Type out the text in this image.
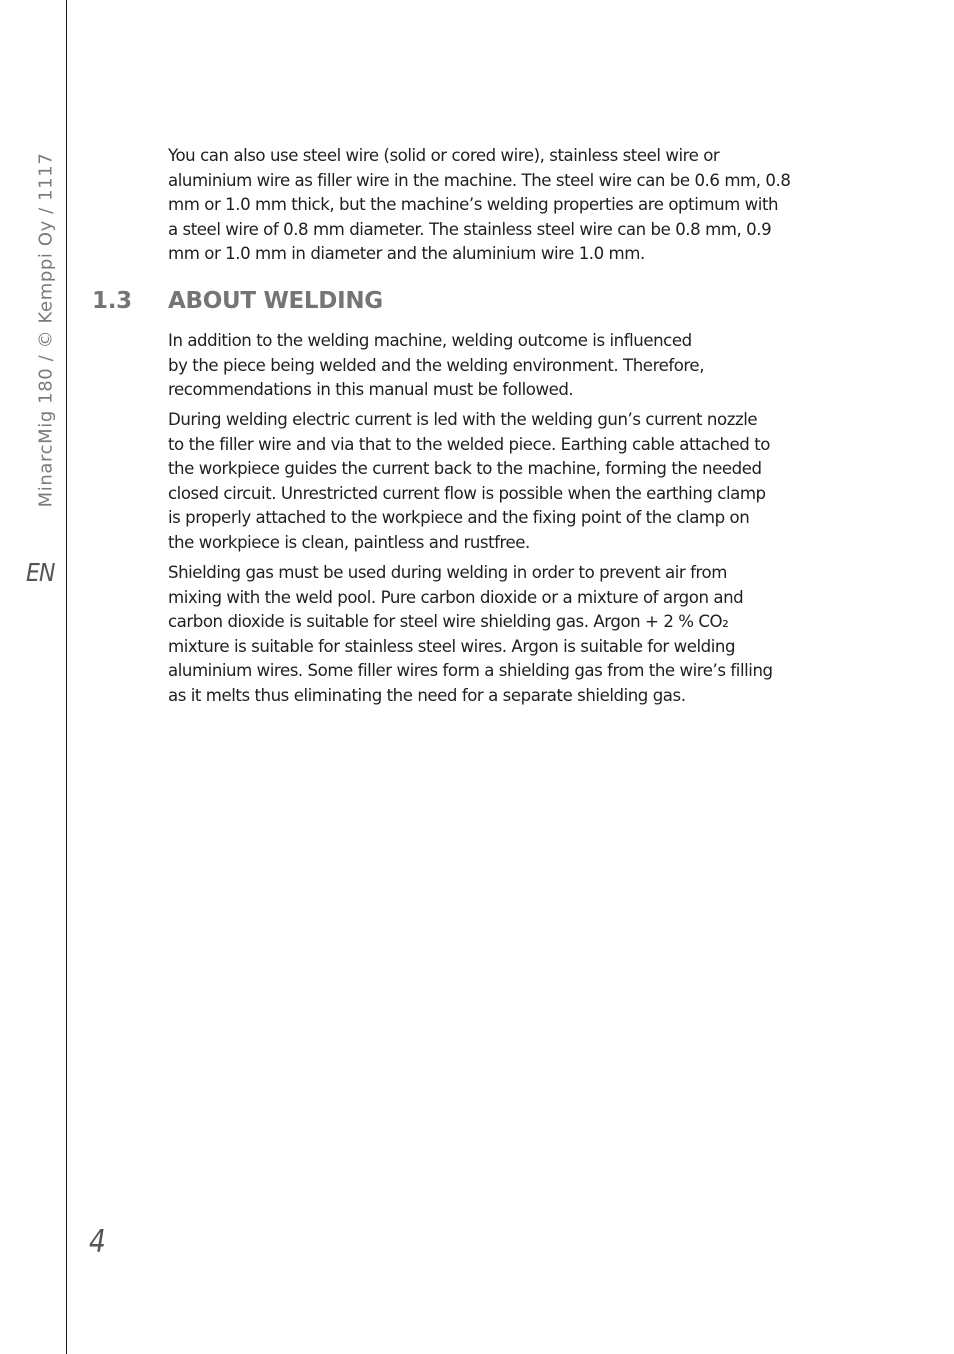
MinarcMig 180 / © Kemppi Oy / 1117
EN
4
You can also use steel wire (solid or cored wire), stainless steel wire or
aluminium wire as filler wire in the machine. The steel wire can be 0.6 mm, 0.8
mm or 1.0 mm thick, but the machine’s welding properties are optimum with
a steel wire of 0.8 mm diameter. The stainless steel wire can be 0.8 mm, 0.9
mm or 1.0 mm in diameter and the aluminium wire 1.0 mm.
1.3 ABOUT WELDING
In addition to the welding machine, welding outcome is influenced
by the piece being welded and the welding environment. Therefore,
recommendations in this manual must be followed.
During welding electric current is led with the welding gun’s current nozzle
to the filler wire and via that to the welded piece. Earthing cable attached to
the workpiece guides the current back to the machine, forming the needed
closed circuit. Unrestricted current flow is possible when the earthing clamp
is properly attached to the workpiece and the fixing point of the clamp on
the workpiece is clean, paintless and rustfree.
Shielding gas must be used during welding in order to prevent air from
mixing with the weld pool. Pure carbon dioxide or a mixture of argon and
carbon dioxide is suitable for steel wire shielding gas. Argon + 2 % CO₂
mixture is suitable for stainless steel wires. Argon is suitable for welding
aluminium wires. Some filler wires form a shielding gas from the wire’s filling
as it melts thus eliminating the need for a separate shielding gas.
